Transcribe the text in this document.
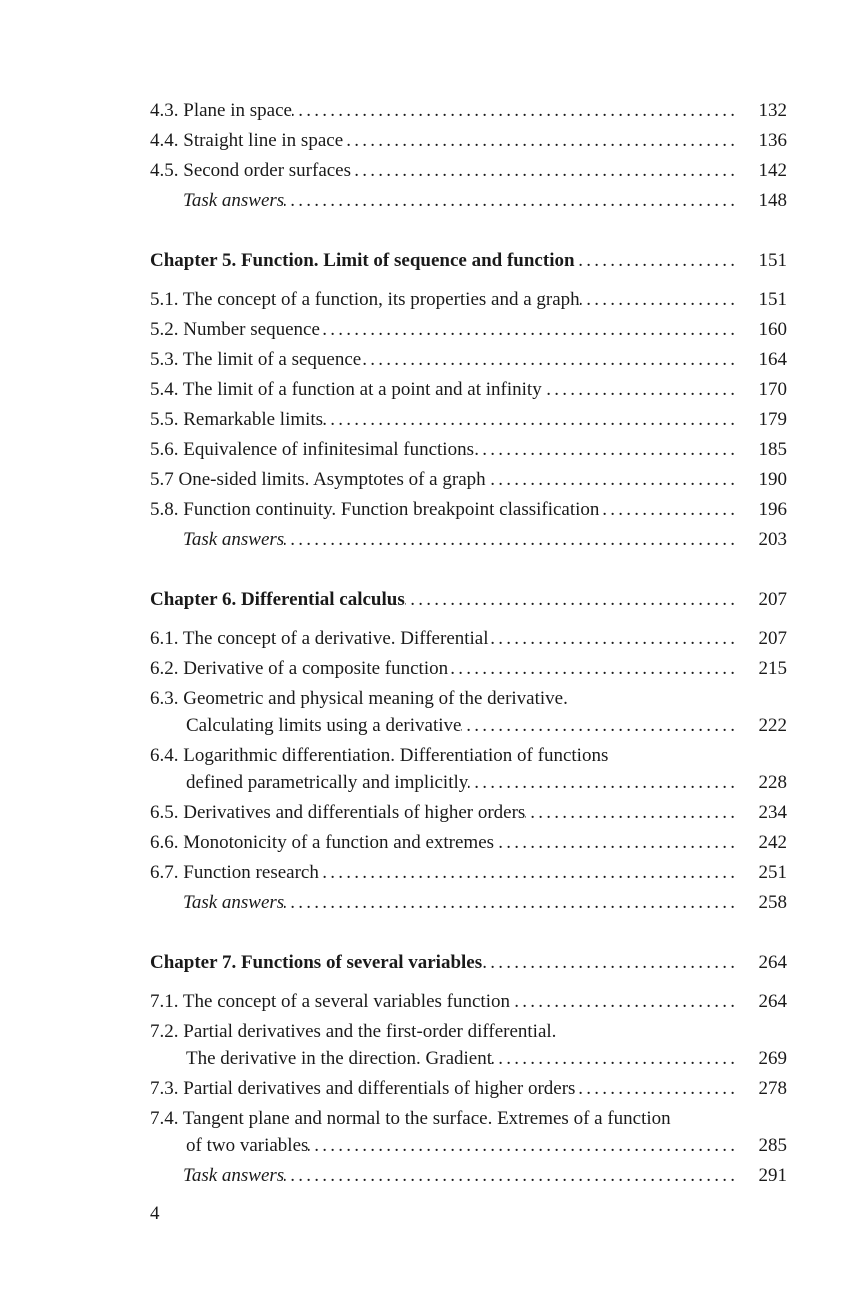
4.3. Plane in space . . .	132
4.4. Straight line in space . . .	136
4.5. Second order surfaces . . .	142
Task answers . . .	148
Chapter 5. Function. Limit of sequence and function . . .	151
5.1. The concept of a function, its properties and a graph . . .	151
5.2. Number sequence . . .	160
5.3. The limit of a sequence . . .	164
5.4. The limit of a function at a point and at infinity . . .	170
5.5. Remarkable limits . . .	179
5.6. Equivalence of infinitesimal functions . . .	185
5.7 One-sided limits. Asymptotes of a graph . . .	190
5.8. Function continuity. Function breakpoint classification . . .	196
Task answers . . .	203
Chapter 6. Differential calculus . . .	207
6.1. The concept of a derivative. Differential . . .	207
6.2. Derivative of a composite function . . .	215
6.3. Geometric and physical meaning of the derivative.
Calculating limits using a derivative . . .	222
6.4. Logarithmic differentiation. Differentiation of functions
defined parametrically and implicitly . . .	228
6.5. Derivatives and differentials of higher orders . . .	234
6.6. Monotonicity of a function and extremes . . .	242
6.7. Function research . . .	251
Task answers . . .	258
Chapter 7. Functions of several variables . . .	264
7.1. The concept of a several variables function . . .	264
7.2. Partial derivatives and the first-order differential.
The derivative in the direction. Gradient . . .	269
7.3. Partial derivatives and differentials of higher orders . . .	278
7.4. Tangent plane and normal to the surface. Extremes of a function
of two variables . . .	285
Task answers . . .	291
4
